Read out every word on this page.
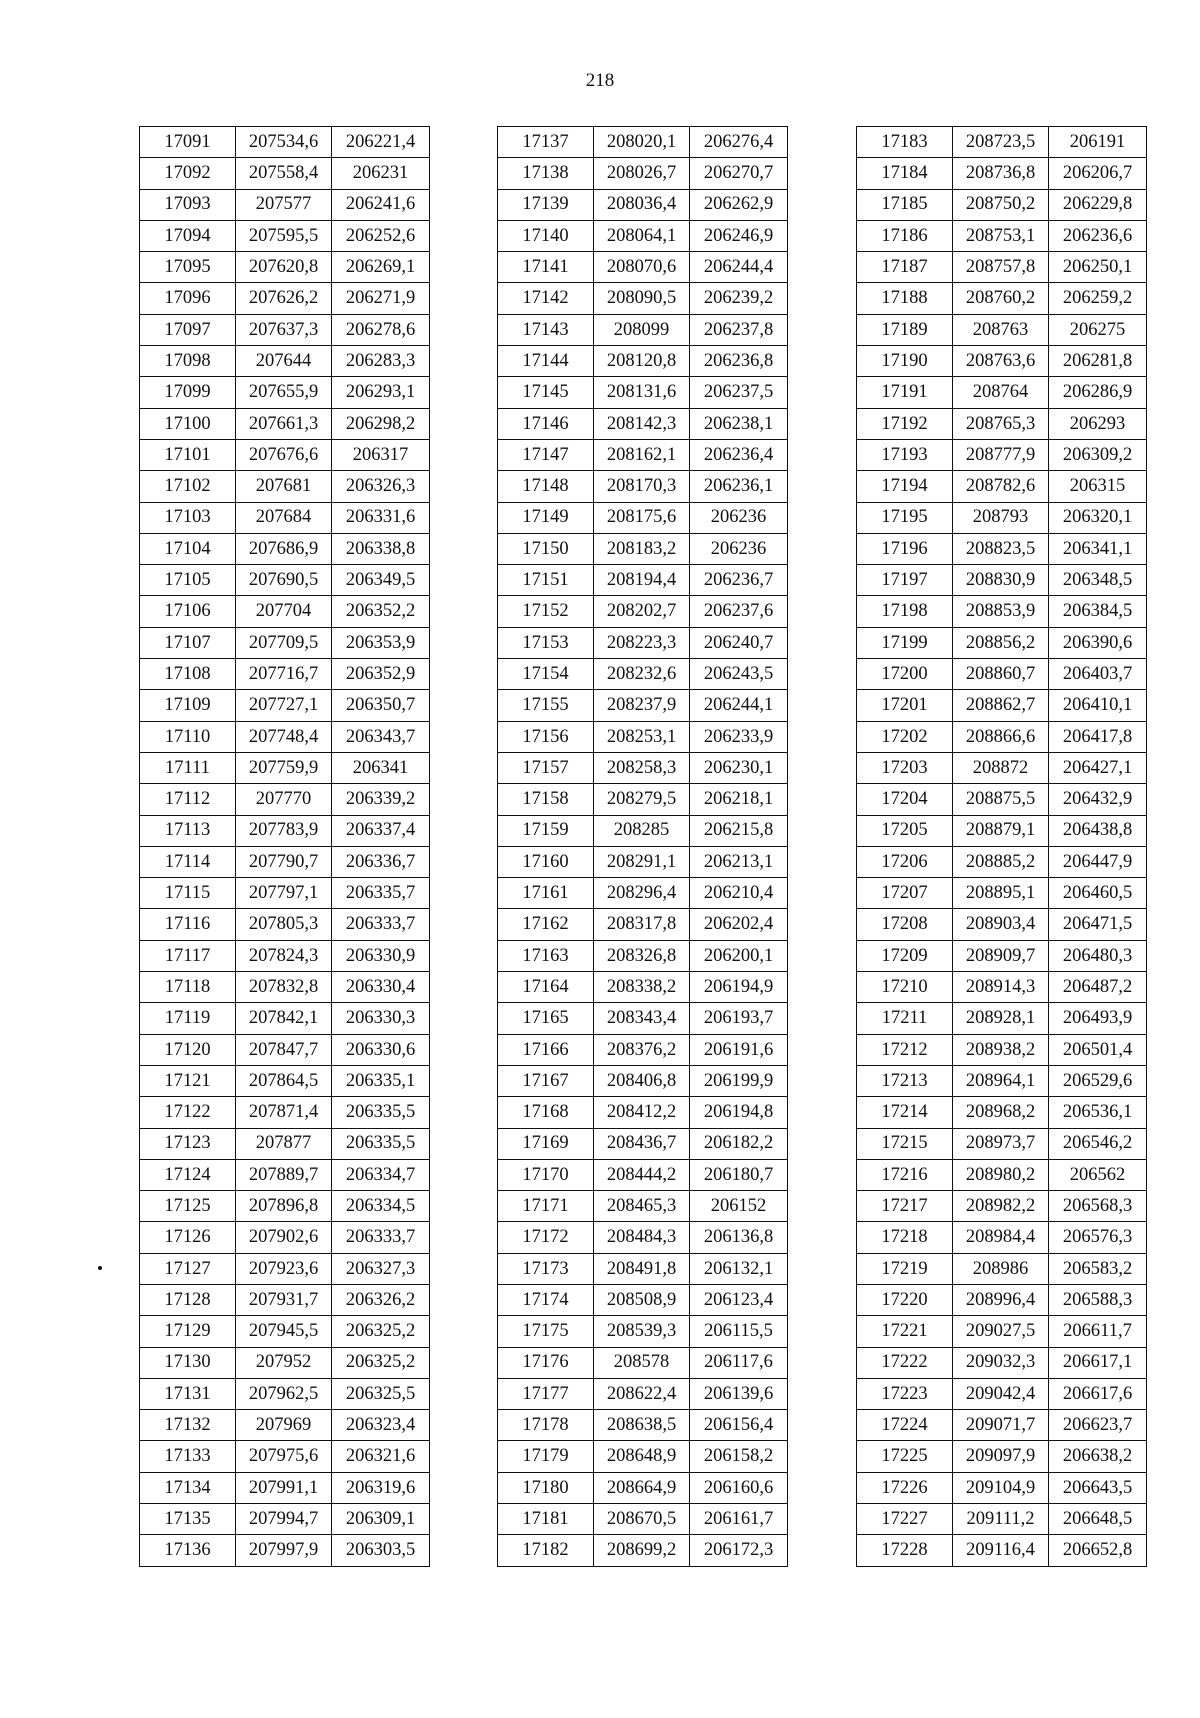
218
17091	207534,6	206221,4
17092	207558,4	206231
17093	207577	206241,6
17094	207595,5	206252,6
17095	207620,8	206269,1
17096	207626,2	206271,9
17097	207637,3	206278,6
17098	207644	206283,3
17099	207655,9	206293,1
17100	207661,3	206298,2
17101	207676,6	206317
17102	207681	206326,3
17103	207684	206331,6
17104	207686,9	206338,8
17105	207690,5	206349,5
17106	207704	206352,2
17107	207709,5	206353,9
17108	207716,7	206352,9
17109	207727,1	206350,7
17110	207748,4	206343,7
17111	207759,9	206341
17112	207770	206339,2
17113	207783,9	206337,4
17114	207790,7	206336,7
17115	207797,1	206335,7
17116	207805,3	206333,7
17117	207824,3	206330,9
17118	207832,8	206330,4
17119	207842,1	206330,3
17120	207847,7	206330,6
17121	207864,5	206335,1
17122	207871,4	206335,5
17123	207877	206335,5
17124	207889,7	206334,7
17125	207896,8	206334,5
17126	207902,6	206333,7
17127	207923,6	206327,3
17128	207931,7	206326,2
17129	207945,5	206325,2
17130	207952	206325,2
17131	207962,5	206325,5
17132	207969	206323,4
17133	207975,6	206321,6
17134	207991,1	206319,6
17135	207994,7	206309,1
17136	207997,9	206303,5
17137	208020,1	206276,4
17138	208026,7	206270,7
17139	208036,4	206262,9
17140	208064,1	206246,9
17141	208070,6	206244,4
17142	208090,5	206239,2
17143	208099	206237,8
17144	208120,8	206236,8
17145	208131,6	206237,5
17146	208142,3	206238,1
17147	208162,1	206236,4
17148	208170,3	206236,1
17149	208175,6	206236
17150	208183,2	206236
17151	208194,4	206236,7
17152	208202,7	206237,6
17153	208223,3	206240,7
17154	208232,6	206243,5
17155	208237,9	206244,1
17156	208253,1	206233,9
17157	208258,3	206230,1
17158	208279,5	206218,1
17159	208285	206215,8
17160	208291,1	206213,1
17161	208296,4	206210,4
17162	208317,8	206202,4
17163	208326,8	206200,1
17164	208338,2	206194,9
17165	208343,4	206193,7
17166	208376,2	206191,6
17167	208406,8	206199,9
17168	208412,2	206194,8
17169	208436,7	206182,2
17170	208444,2	206180,7
17171	208465,3	206152
17172	208484,3	206136,8
17173	208491,8	206132,1
17174	208508,9	206123,4
17175	208539,3	206115,5
17176	208578	206117,6
17177	208622,4	206139,6
17178	208638,5	206156,4
17179	208648,9	206158,2
17180	208664,9	206160,6
17181	208670,5	206161,7
17182	208699,2	206172,3
17183	208723,5	206191
17184	208736,8	206206,7
17185	208750,2	206229,8
17186	208753,1	206236,6
17187	208757,8	206250,1
17188	208760,2	206259,2
17189	208763	206275
17190	208763,6	206281,8
17191	208764	206286,9
17192	208765,3	206293
17193	208777,9	206309,2
17194	208782,6	206315
17195	208793	206320,1
17196	208823,5	206341,1
17197	208830,9	206348,5
17198	208853,9	206384,5
17199	208856,2	206390,6
17200	208860,7	206403,7
17201	208862,7	206410,1
17202	208866,6	206417,8
17203	208872	206427,1
17204	208875,5	206432,9
17205	208879,1	206438,8
17206	208885,2	206447,9
17207	208895,1	206460,5
17208	208903,4	206471,5
17209	208909,7	206480,3
17210	208914,3	206487,2
17211	208928,1	206493,9
17212	208938,2	206501,4
17213	208964,1	206529,6
17214	208968,2	206536,1
17215	208973,7	206546,2
17216	208980,2	206562
17217	208982,2	206568,3
17218	208984,4	206576,3
17219	208986	206583,2
17220	208996,4	206588,3
17221	209027,5	206611,7
17222	209032,3	206617,1
17223	209042,4	206617,6
17224	209071,7	206623,7
17225	209097,9	206638,2
17226	209104,9	206643,5
17227	209111,2	206648,5
17228	209116,4	206652,8
